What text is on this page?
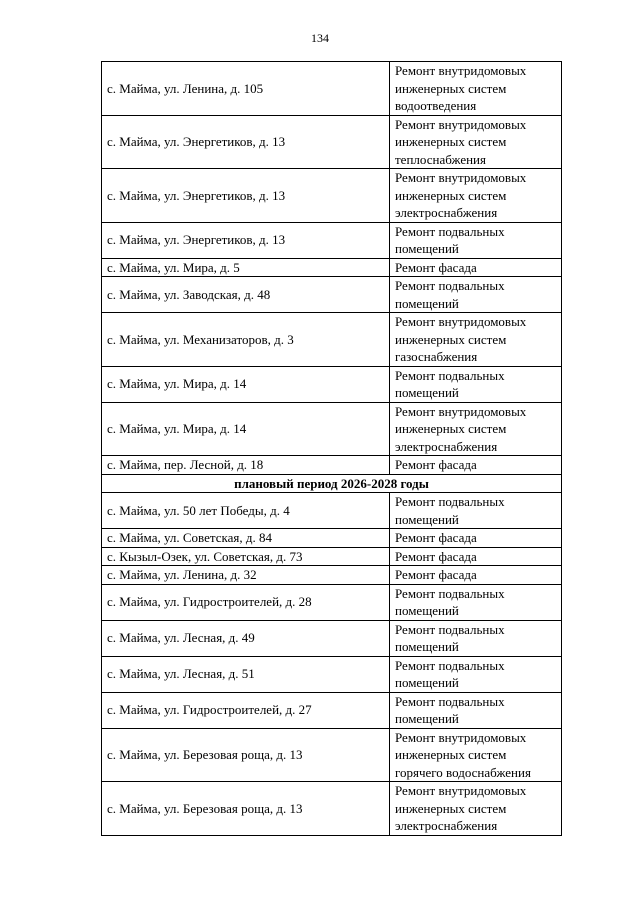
134
с. Майма, ул. Ленина, д. 105	Ремонт внутридомовых
инженерных систем
водоотведения

с. Майма, ул. Энергетиков, д. 13	Ремонт внутридомовых
инженерных систем
теплоснабжения

с. Майма, ул. Энергетиков, д. 13	Ремонт внутридомовых
инженерных систем
электроснабжения

с. Майма, ул. Энергетиков, д. 13	Ремонт подвальных
помещений

с. Майма, ул. Мира, д. 5	Ремонт фасада

с. Майма, ул. Заводская, д. 48	Ремонт подвальных
помещений

с. Майма, ул. Механизаторов, д. 3	Ремонт внутридомовых
инженерных систем
газоснабжения

с. Майма, ул. Мира, д. 14	Ремонт подвальных
помещений

с. Майма, ул. Мира, д. 14	Ремонт внутридомовых
инженерных систем
электроснабжения

с. Майма, пер. Лесной, д. 18	Ремонт фасада

плановый период 2026-2028 годы	
с. Майма, ул. 50 лет Победы, д. 4	Ремонт подвальных
помещений

с. Майма, ул. Советская, д. 84	Ремонт фасада

с. Кызыл-Озек, ул. Советская, д. 73	Ремонт фасада

с. Майма, ул. Ленина, д. 32	Ремонт фасада

с. Майма, ул. Гидростроителей, д. 28	Ремонт подвальных
помещений

с. Майма, ул. Лесная, д. 49	Ремонт подвальных
помещений

с. Майма, ул. Лесная, д. 51	Ремонт подвальных
помещений

с. Майма, ул. Гидростроителей, д. 27	Ремонт подвальных
помещений

с. Майма, ул. Березовая роща, д. 13	Ремонт внутридомовых
инженерных систем
горячего водоснабжения

с. Майма, ул. Березовая роща, д. 13	Ремонт внутридомовых
инженерных систем
электроснабжения
